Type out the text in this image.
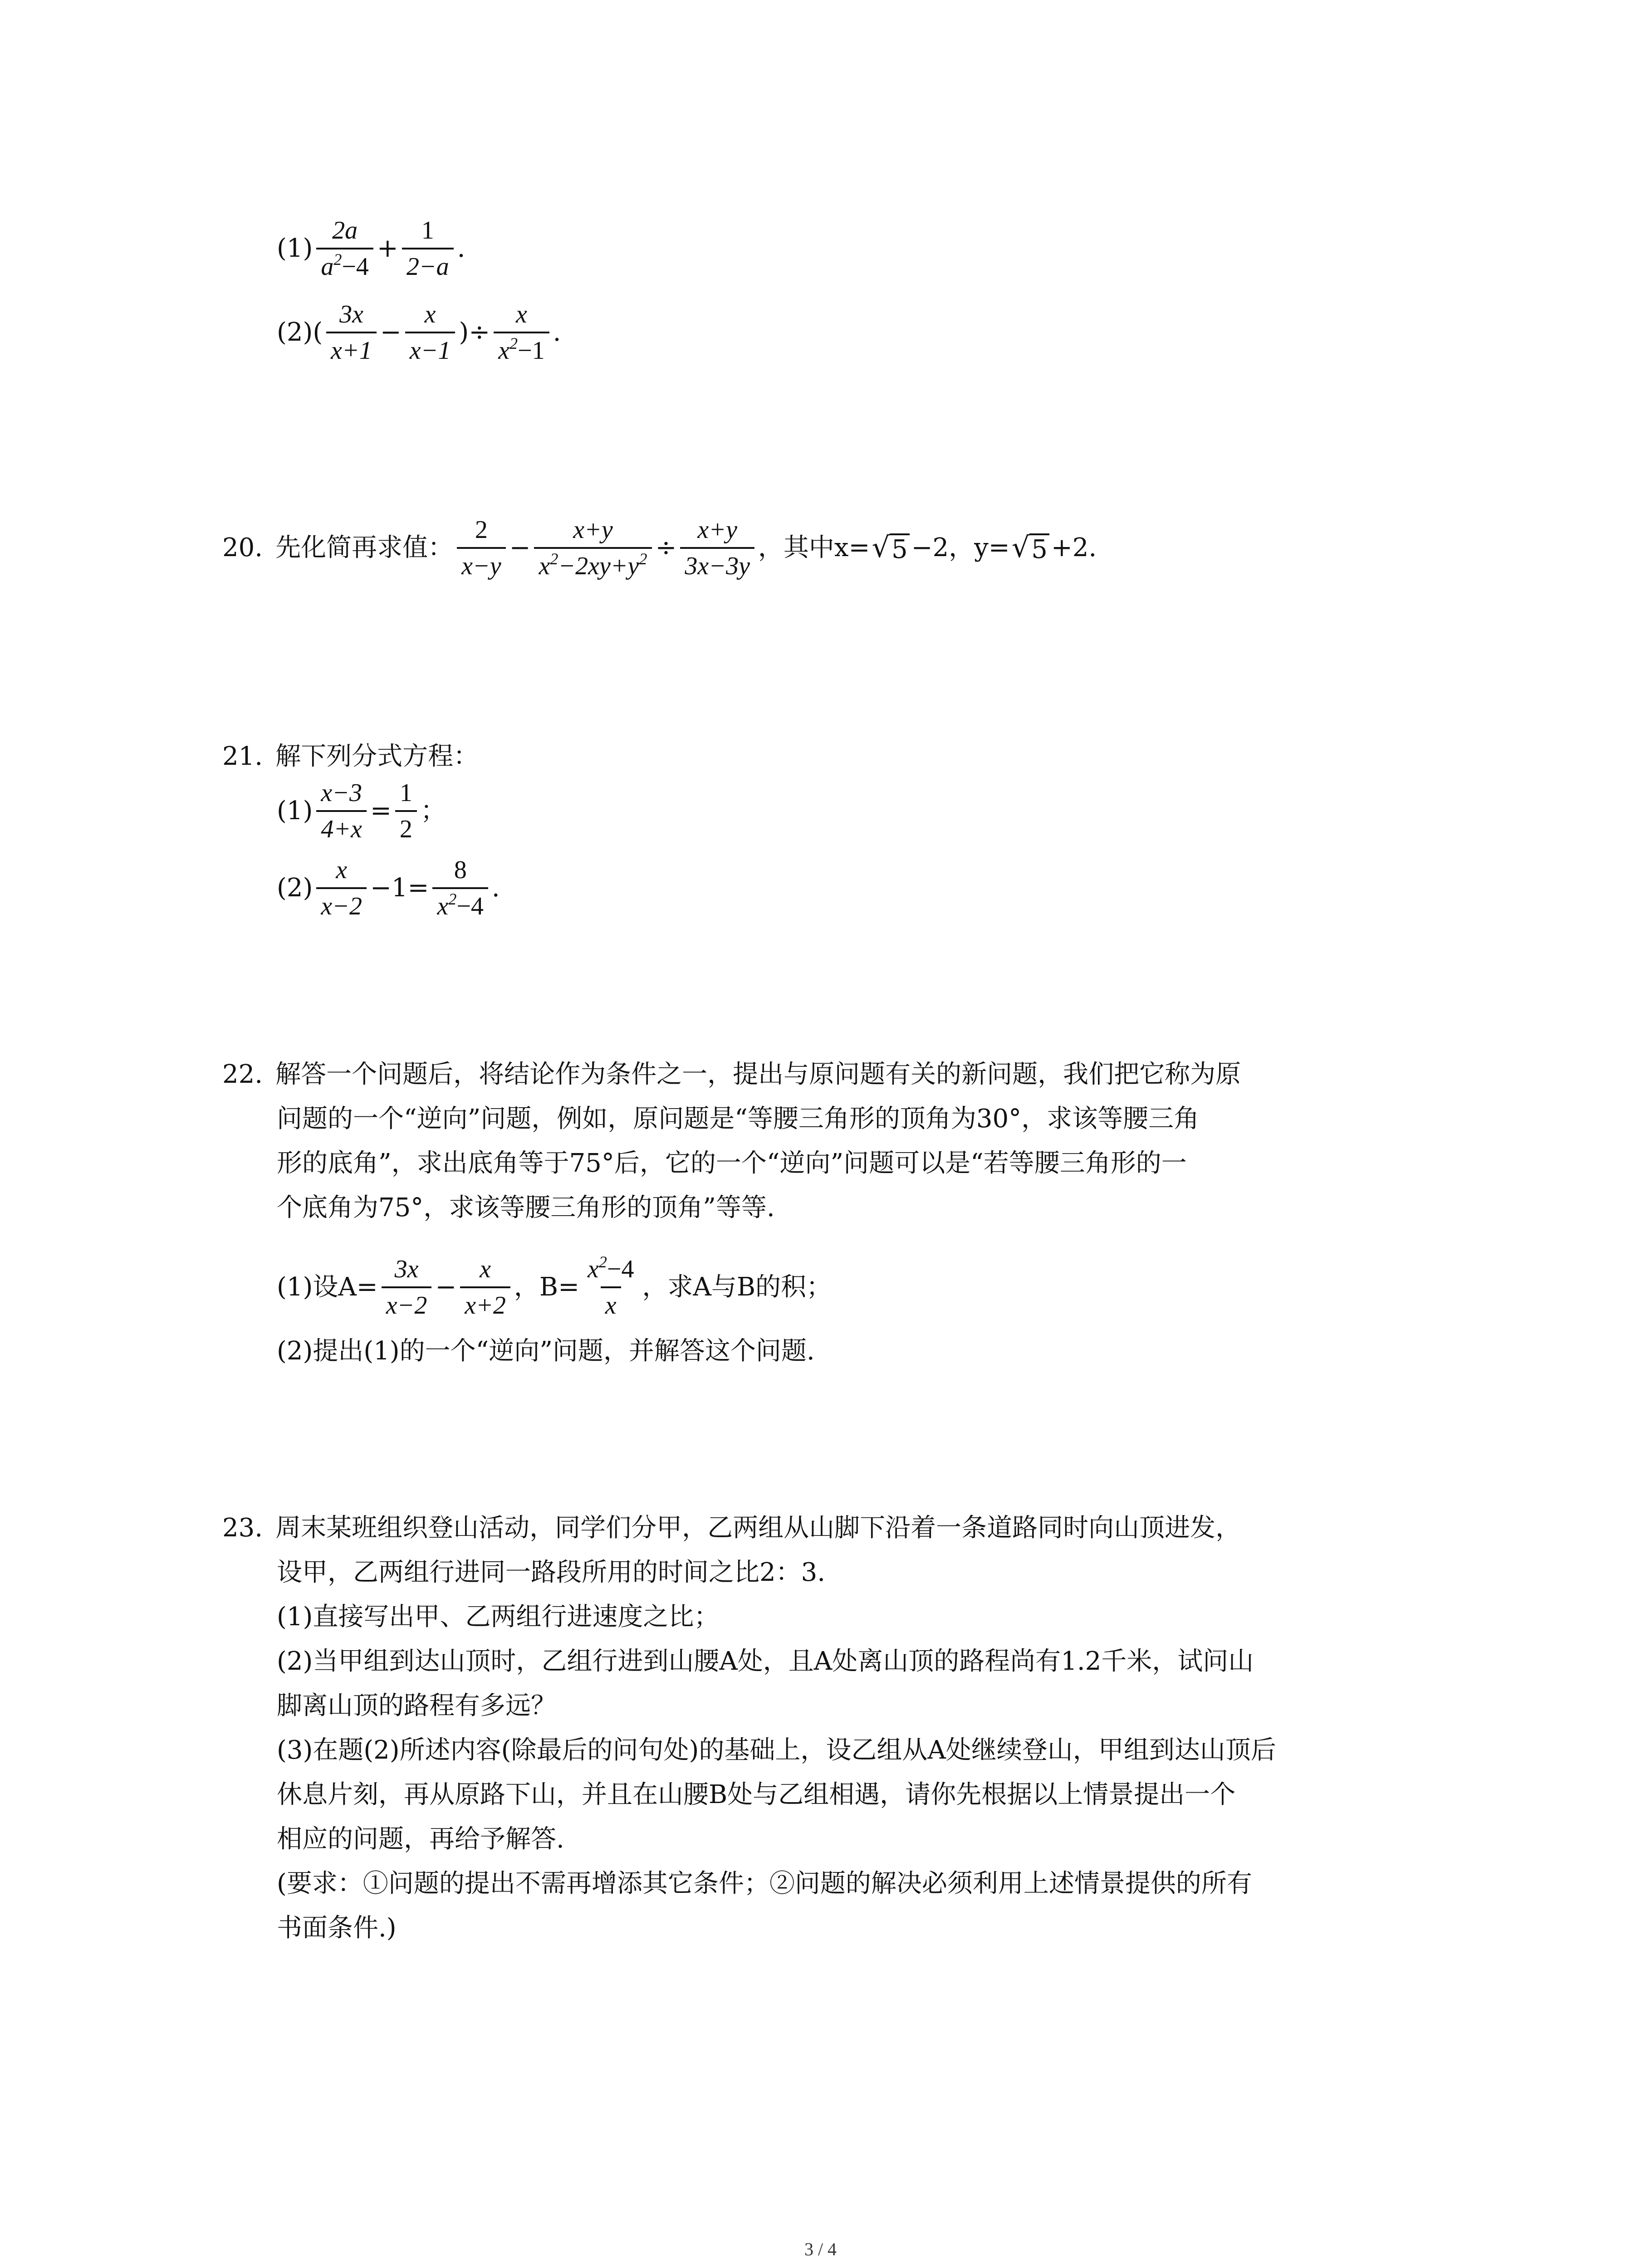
$(1) \frac{2a}{a^2-4} + \frac{1}{2-a}$ .
$(2)( \frac{3x}{x+1} - \frac{x}{x-1}$ )÷ $\frac{x}{x^2-1}$ .
20. 先化简再求值： $\frac{2}{x-y} - \frac{x+y}{x^2-2xy+y^2} \div \frac{x+y}{3x-3y}$ ，其中x= √ 5 −2，y= √ 5 +2.
21. 解下列分式方程：
$(1) \frac{x-3}{4+x} = \frac{1}{2}$ ；
$(2) \frac{x}{x-2} -1= \frac{8}{x^2-4}$ .
22. 解答一个问题后，将结论作为条件之一，提出与原问题有关的新问题，我们把它称为原
问题的一个“逆向”问题，例如，原问题是“等腰三角形的顶角为30°，求该等腰三角
形的底角”，求出底角等于75°后，它的一个“逆向”问题可以是“若等腰三角形的一
个底角为75°，求该等腰三角形的顶角”等等.
(1)设$A= \frac{3x}{x-2} - \frac{x}{x+2}$ ，$B= \frac{x^2-4}{x}$ ，求A与B的积；
(2)提出(1)的一个“逆向”问题，并解答这个问题.
23. 周末某班组织登山活动，同学们分甲，乙两组从山脚下沿着一条道路同时向山顶进发，
设甲，乙两组行进同一路段所用的时间之比2：3.
(1)直接写出甲、乙两组行进速度之比；
(2)当甲组到达山顶时，乙组行进到山腰A处，且A处离山顶的路程尚有1.2千米，试问山
脚离山顶的路程有多远？
(3)在题(2)所述内容(除最后的问句处)的基础上，设乙组从A处继续登山，甲组到达山顶后
休息片刻，再从原路下山，并且在山腰B处与乙组相遇，请你先根据以上情景提出一个
相应的问题，再给予解答.
(要求：①问题的提出不需再增添其它条件；②问题的解决必须利用上述情景提供的所有
书面条件.)
3 / 4
